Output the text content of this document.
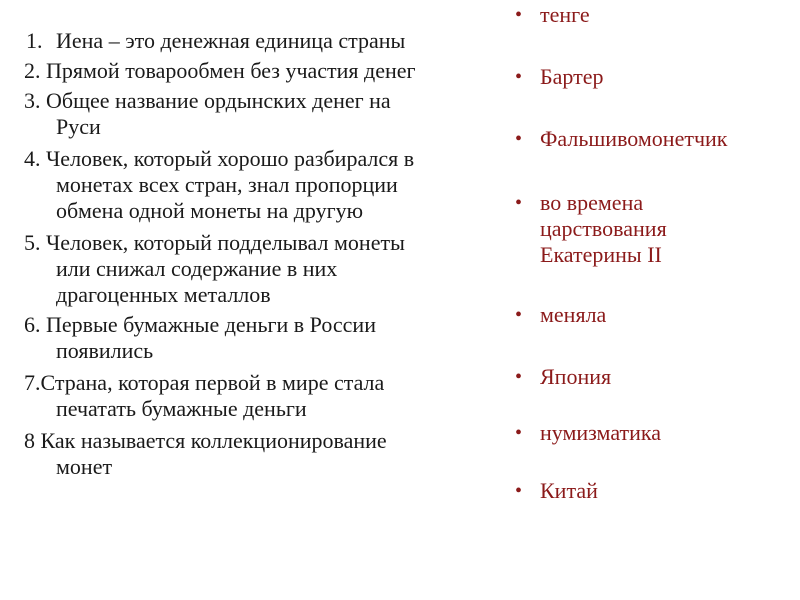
1. Иена – это денежная единица страны
2. Прямой товарообмен без участия денег
3. Общее название ордынских денег на
Руси
4. Человек, который хорошо разбирался в
монетах всех стран, знал пропорции
обмена одной монеты на другую
5. Человек, который подделывал монеты
или снижал содержание в них
драгоценных металлов
6. Первые бумажные деньги в России
появились
7.Страна, которая первой в мире стала
печатать бумажные деньги
8 Как называется коллекционирование
монет
• тенге
• Бартер
• Фальшивомонетчик
• во времена
царствования
Екатерины II
• меняла
• Япония
• нумизматика
• Китай
